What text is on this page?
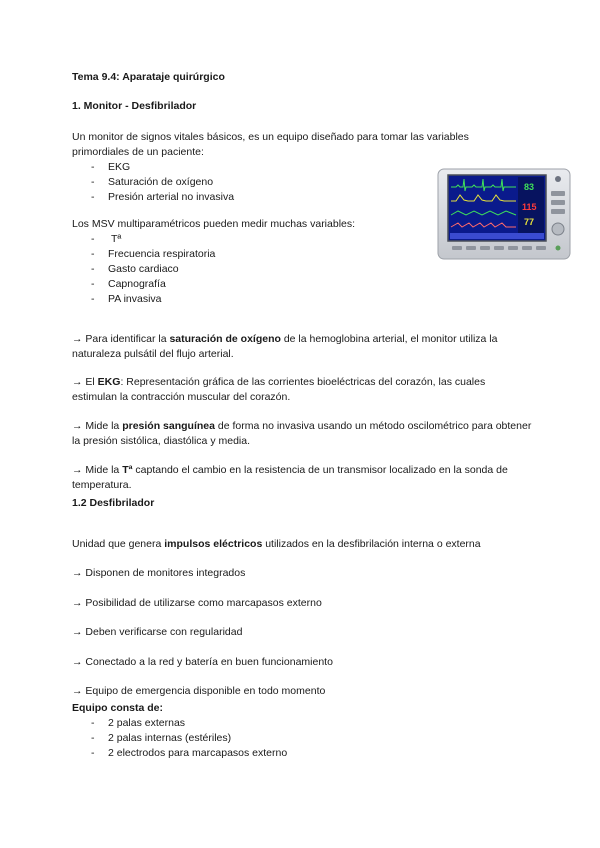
Tema 9.4: Aparataje quirúrgico
1. Monitor - Desfibrilador
Un monitor de signos vitales básicos, es un equipo diseñado para tomar las variables primordiales de un paciente:
- EKG
- Saturación de oxígeno
- Presión arterial no invasiva
Los MSV multiparamétricos pueden medir muchas variables:
- Tª
- Frecuencia respiratoria
- Gasto cardiaco
- Capnografía
- PA invasiva

→ Para identificar la saturación de oxígeno de la hemoglobina arterial, el monitor utiliza la naturaleza pulsátil del flujo arterial.

→ El EKG: Representación gráfica de las corrientes bioeléctricas del corazón, las cuales estimulan la contracción muscular del corazón.

→ Mide la presión sanguínea de forma no invasiva usando un método oscilométrico para obtener la presión sistólica, diastólica y media.

→ Mide la Tª captando el cambio en la resistencia de un transmisor localizado en la sonda de temperatura.

1.2 Desfibrilador

Unidad que genera impulsos eléctricos utilizados en la desfibrilación interna o externa

→ Disponen de monitores integrados

→ Posibilidad de utilizarse como marcapasos externo

→ Deben verificarse con regularidad

→ Conectado a la red y batería en buen funcionamiento

→ Equipo de emergencia disponible en todo momento

Equipo consta de:
- 2 palas externas
- 2 palas internas (estériles)
- 2 electrodos para marcapasos externo
83
115
77
